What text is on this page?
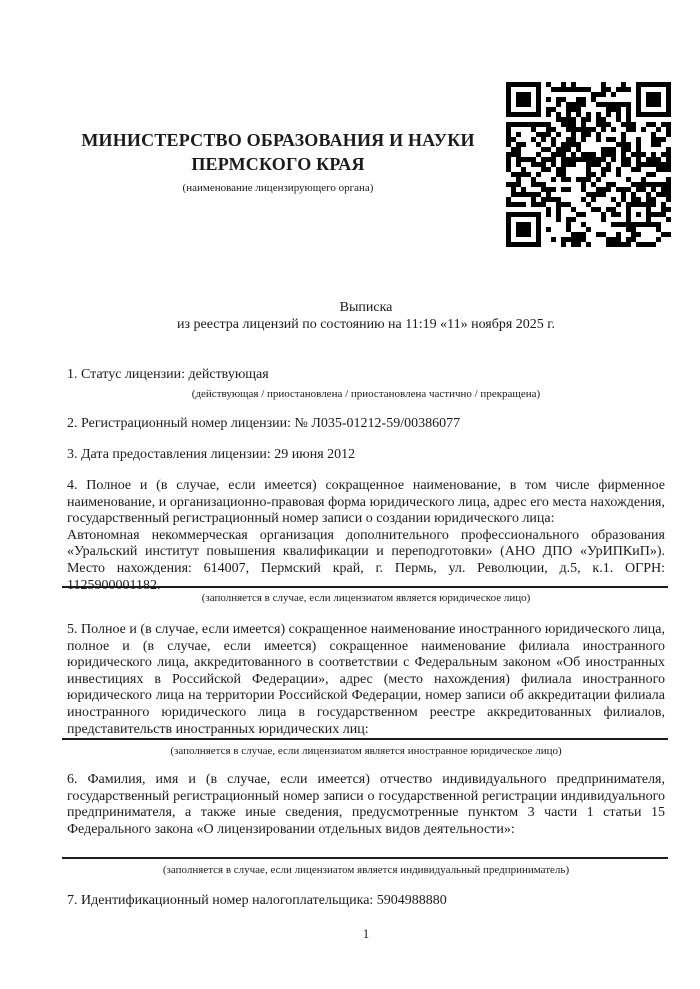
МИНИСТЕРСТВО ОБРАЗОВАНИЯ И НАУКИ
ПЕРМСКОГО КРАЯ
(наименование лицензирующего органа)
Выписка
из реестра лицензий по состоянию на 11:19 «11» ноября 2025 г.
1. Статус лицензии: действующая
(действующая / приостановлена / приостановлена частично / прекращена)
2. Регистрационный номер лицензии: № Л035-01212-59/00386077
3. Дата предоставления лицензии: 29 июня 2012
4. Полное и (в случае, если имеется) сокращенное наименование, в том числе фирменное наименование, и организационно-правовая форма юридического лица, адрес его места нахождения, государственный регистрационный номер записи о создании юридического лица:
Автономная некоммерческая организация дополнительного профессионального образования «Уральский институт повышения квалификации и переподготовки» (АНО ДПО «УрИПКиП»). Место нахождения: 614007, Пермский край, г. Пермь, ул. Революции, д.5, к.1. ОГРН:
(заполняется в случае, если лицензиатом является юридическое лицо)
5. Полное и (в случае, если имеется) сокращенное наименование иностранного юридического лица, полное и (в случае, если имеется) сокращенное наименование филиала иностранного юридического лица, аккредитованного в соответствии с Федеральным законом «Об иностранных инвестициях в Российской Федерации», адрес (место нахождения) филиала иностранного юридического лица на территории Российской Федерации, номер записи об аккредитации филиала иностранного юридического лица в государственном реестре аккредитованных филиалов, представительств иностранных юридических лиц:
(заполняется в случае, если лицензиатом является иностранное юридическое лицо)
6. Фамилия, имя и (в случае, если имеется) отчество индивидуального предпринимателя, государственный регистрационный номер записи о государственной регистрации индивидуального предпринимателя, а также иные сведения, предусмотренные пунктом 3 части 1 статьи 15 Федерального закона «О лицензировании отдельных видов деятельности»:
(заполняется в случае, если лицензиатом является индивидуальный предприниматель)
7. Идентификационный номер налогоплательщика: 5904988880
1
